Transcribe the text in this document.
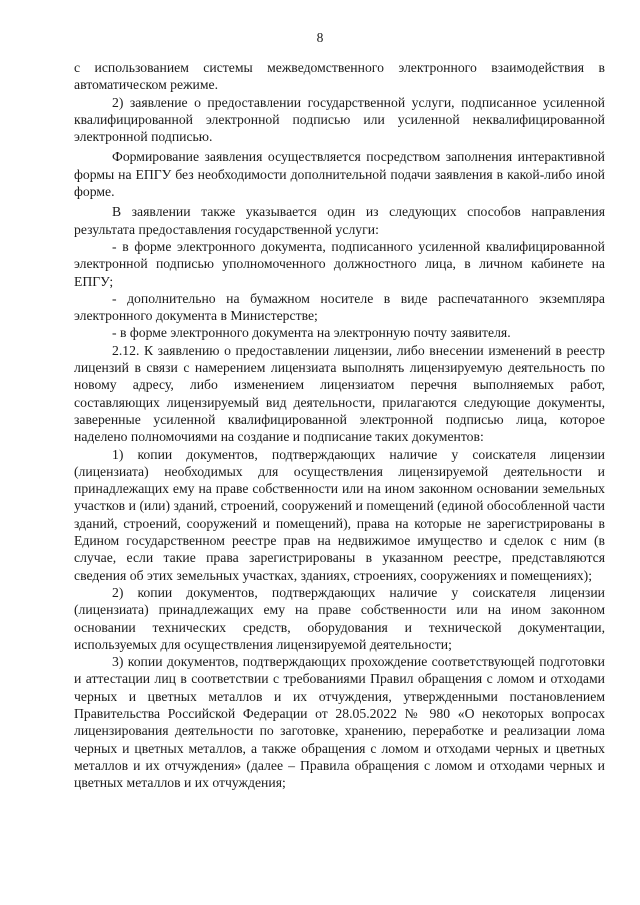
8

с использованием системы межведомственного электронного взаимодействия в автоматическом режиме.

2) заявление о предоставлении государственной услуги, подписанное усиленной квалифицированной электронной подписью или усиленной неквалифицированной электронной подписью.

Формирование заявления осуществляется посредством заполнения интерактивной формы на ЕПГУ без необходимости дополнительной подачи заявления в какой-либо иной форме.

В заявлении также указывается один из следующих способов направления результата предоставления государственной услуги:

- в форме электронного документа, подписанного усиленной квалифицированной электронной подписью уполномоченного должностного лица, в личном кабинете на ЕПГУ;

- дополнительно на бумажном носителе в виде распечатанного экземпляра электронного документа в Министерстве;

- в форме электронного документа на электронную почту заявителя.

2.12. К заявлению о предоставлении лицензии, либо внесении изменений в реестр лицензий в связи с намерением лицензиата выполнять лицензируемую деятельность по новому адресу, либо изменением лицензиатом перечня выполняемых работ, составляющих лицензируемый вид деятельности, прилагаются следующие документы, заверенные усиленной квалифицированной электронной подписью лица, которое наделено полномочиями на создание и подписание таких документов:

1) копии документов, подтверждающих наличие у соискателя лицензии (лицензиата) необходимых для осуществления лицензируемой деятельности и принадлежащих ему на праве собственности или на ином законном основании земельных участков и (или) зданий, строений, сооружений и помещений (единой обособленной части зданий, строений, сооружений и помещений), права на которые не зарегистрированы в Едином государственном реестре прав на недвижимое имущество и сделок с ним (в случае, если такие права зарегистрированы в указанном реестре, представляются сведения об этих земельных участках, зданиях, строениях, сооружениях и помещениях);

2) копии документов, подтверждающих наличие у соискателя лицензии (лицензиата) принадлежащих ему на праве собственности или на ином законном основании технических средств, оборудования и технической документации, используемых для осуществления лицензируемой деятельности;

3) копии документов, подтверждающих прохождение соответствующей подготовки и аттестации лиц в соответствии с требованиями Правил обращения с ломом и отходами черных и цветных металлов и их отчуждения, утвержденными постановлением Правительства Российской Федерации от 28.05.2022 № 980 «О некоторых вопросах лицензирования деятельности по заготовке, хранению, переработке и реализации лома черных и цветных металлов, а также обращения с ломом и отходами черных и цветных металлов и их отчуждения» (далее – Правила обращения с ломом и отходами черных и цветных металлов и их отчуждения;
